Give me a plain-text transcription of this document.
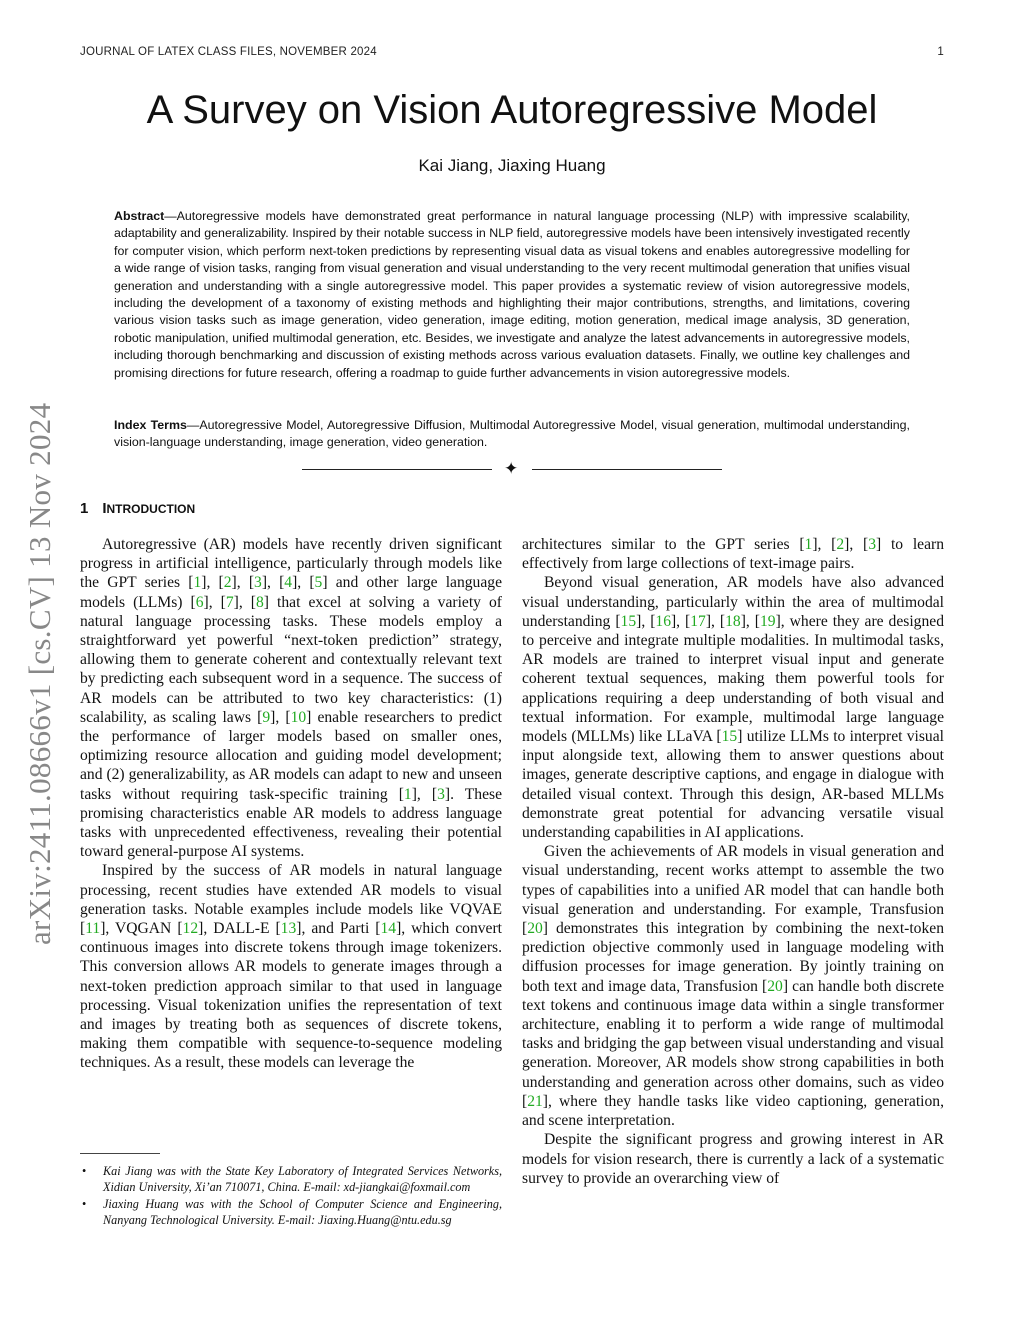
JOURNAL OF LATEX CLASS FILES, NOVEMBER 2024	1
A Survey on Vision Autoregressive Model
Kai Jiang, Jiaxing Huang

Abstract—Autoregressive models have demonstrated great performance in natural language processing (NLP) with impressive scalability, adaptability and generalizability. Inspired by their notable success in NLP field, autoregressive models have been intensively investigated recently for computer vision, which perform next-token predictions by representing visual data as visual tokens and enables autoregressive modelling for a wide range of vision tasks, ranging from visual generation and visual understanding to the very recent multimodal generation that unifies visual generation and understanding with a single autoregressive model. This paper provides a systematic review of vision autoregressive models, including the development of a taxonomy of existing methods and highlighting their major contributions, strengths, and limitations, covering various vision tasks such as image generation, video generation, image editing, motion generation, medical image analysis, 3D generation, robotic manipulation, unified multimodal generation, etc. Besides, we investigate and analyze the latest advancements in autoregressive models, including thorough benchmarking and discussion of existing methods across various evaluation datasets. Finally, we outline key challenges and promising directions for future research, offering a roadmap to guide further advancements in vision autoregressive models.

Index Terms—Autoregressive Model, Autoregressive Diffusion, Multimodal Autoregressive Model, visual generation, multimodal understanding, vision-language understanding, image generation, video generation.

✦
1 INTRODUCTION

Autoregressive (AR) models have recently driven significant progress in artificial intelligence, particularly through models like the GPT series [1], [2], [3], [4], [5] and other large language models (LLMs) [6], [7], [8] that excel at solving a variety of natural language processing tasks. These models employ a straightforward yet powerful “next-token prediction” strategy, allowing them to generate coherent and contextually relevant text by predicting each subsequent word in a sequence. The success of AR models can be attributed to two key characteristics: (1) scalability, as scaling laws [9], [10] enable researchers to predict the performance of larger models based on smaller ones, optimizing resource allocation and guiding model development; and (2) generalizability, as AR models can adapt to new and unseen tasks without requiring task-specific training [1], [3]. These promising characteristics enable AR models to address language tasks with unprecedented effectiveness, revealing their potential toward general-purpose AI systems.

Inspired by the success of AR models in natural language processing, recent studies have extended AR models to visual generation tasks. Notable examples include models like VQVAE [11], VQGAN [12], DALL-E [13], and Parti [14], which convert continuous images into discrete tokens through image tokenizers. This conversion allows AR models to generate images through a next-token prediction approach similar to that used in language processing. Visual tokenization unifies the representation of text and images by treating both as sequences of discrete tokens, making them compatible with sequence-to-sequence modeling techniques. As a result, these models can leverage the

architectures similar to the GPT series [1], [2], [3] to learn effectively from large collections of text-image pairs.

Beyond visual generation, AR models have also advanced visual understanding, particularly within the area of multimodal understanding [15], [16], [17], [18], [19], where they are designed to perceive and integrate multiple modalities. In multimodal tasks, AR models are trained to interpret visual input and generate coherent textual sequences, making them powerful tools for applications requiring a deep understanding of both visual and textual information. For example, multimodal large language models (MLLMs) like LLaVA [15] utilize LLMs to interpret visual input alongside text, allowing them to answer questions about images, generate descriptive captions, and engage in dialogue with detailed visual context. Through this design, AR-based MLLMs demonstrate great potential for advancing versatile visual understanding capabilities in AI applications.

Given the achievements of AR models in visual generation and visual understanding, recent works attempt to assemble the two types of capabilities into a unified AR model that can handle both visual generation and understanding. For example, Transfusion [20] demonstrates this integration by combining the next-token prediction objective commonly used in language modeling with diffusion processes for image generation. By jointly training on both text and image data, Transfusion [20] can handle both discrete text tokens and continuous image data within a single transformer architecture, enabling it to perform a wide range of multimodal tasks and bridging the gap between visual understanding and visual generation. Moreover, AR models show strong capabilities in both understanding and generation across other domains, such as video [21], where they handle tasks like video captioning, generation, and scene interpretation.

Despite the significant progress and growing interest in AR models for vision research, there is currently a lack of a systematic survey to provide an overarching view of

• Kai Jiang was with the State Key Laboratory of Integrated Services Networks, Xidian University, Xi’an 710071, China. E-mail: xd-jiangkai@foxmail.com
• Jiaxing Huang was with the School of Computer Science and Engineering, Nanyang Technological University. E-mail: Jiaxing.Huang@ntu.edu.sg
arXiv:2411.08666v1 [cs.CV] 13 Nov 2024
